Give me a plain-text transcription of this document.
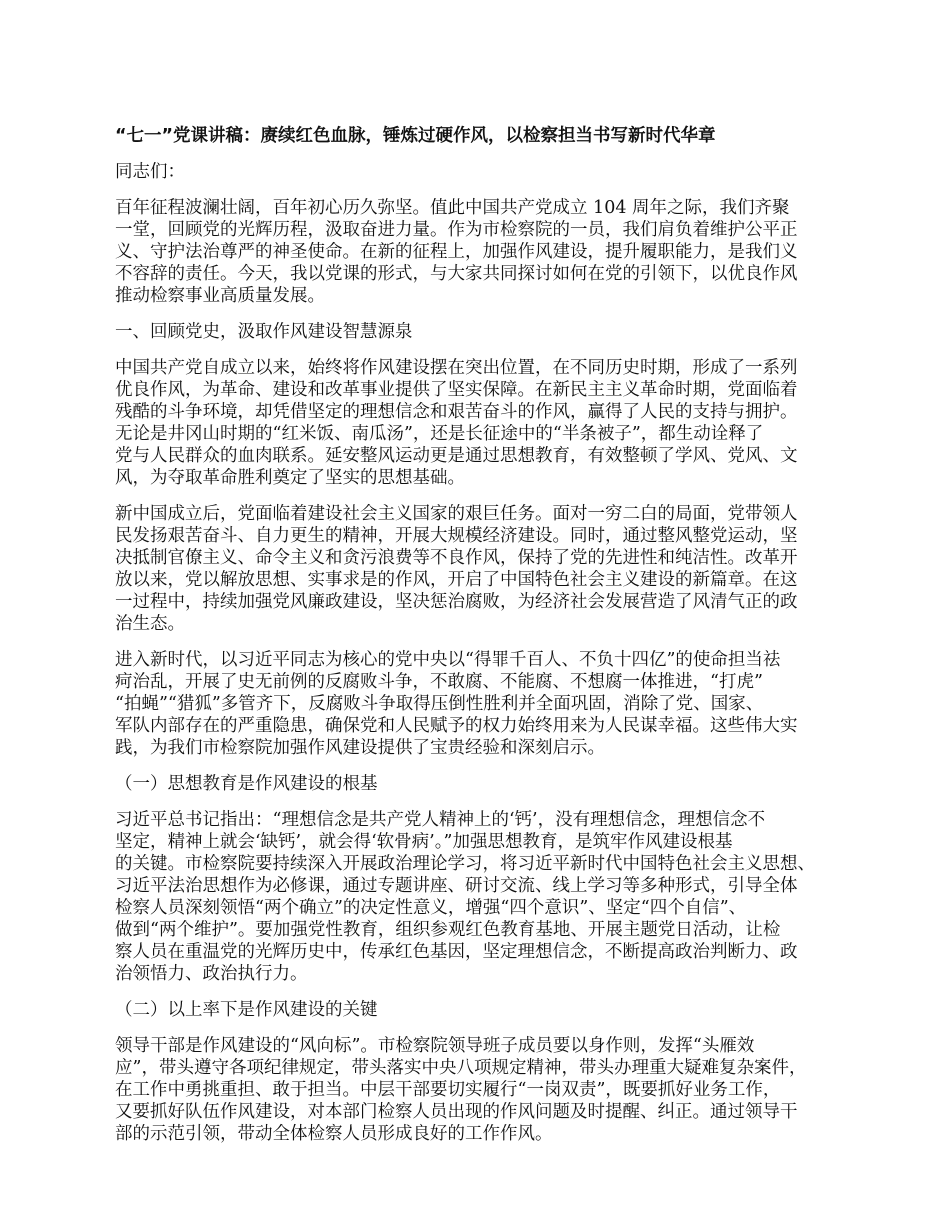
“七一”党课讲稿：赓续红色血脉，锤炼过硬作风，以检察担当书写新时代华章
同志们：
百年征程波澜壮阔，百年初心历久弥坚。值此中国共产党成立 104 周年之际，我们齐聚
一堂，回顾党的光辉历程，汲取奋进力量。作为市检察院的一员，我们肩负着维护公平正
义、守护法治尊严的神圣使命。在新的征程上，加强作风建设，提升履职能力，是我们义
不容辞的责任。今天，我以党课的形式，与大家共同探讨如何在党的引领下，以优良作风
推动检察事业高质量发展。
一、回顾党史，汲取作风建设智慧源泉
中国共产党自成立以来，始终将作风建设摆在突出位置，在不同历史时期，形成了一系列
优良作风，为革命、建设和改革事业提供了坚实保障。在新民主主义革命时期，党面临着
残酷的斗争环境，却凭借坚定的理想信念和艰苦奋斗的作风，赢得了人民的支持与拥护。
无论是井冈山时期的“红米饭、南瓜汤”，还是长征途中的“半条被子”，都生动诠释了
党与人民群众的血肉联系。延安整风运动更是通过思想教育，有效整顿了学风、党风、文
风，为夺取革命胜利奠定了坚实的思想基础。
新中国成立后，党面临着建设社会主义国家的艰巨任务。面对一穷二白的局面，党带领人
民发扬艰苦奋斗、自力更生的精神，开展大规模经济建设。同时，通过整风整党运动，坚
决抵制官僚主义、命令主义和贪污浪费等不良作风，保持了党的先进性和纯洁性。改革开
放以来，党以解放思想、实事求是的作风，开启了中国特色社会主义建设的新篇章。在这
一过程中，持续加强党风廉政建设，坚决惩治腐败，为经济社会发展营造了风清气正的政
治生态。
进入新时代，以习近平同志为核心的党中央以“得罪千百人、不负十四亿”的使命担当祛
疴治乱，开展了史无前例的反腐败斗争，不敢腐、不能腐、不想腐一体推进，“打虎”
“拍蝇”“猎狐”多管齐下，反腐败斗争取得压倒性胜利并全面巩固，消除了党、国家、
军队内部存在的严重隐患，确保党和人民赋予的权力始终用来为人民谋幸福。这些伟大实
践，为我们市检察院加强作风建设提供了宝贵经验和深刻启示。
（一）思想教育是作风建设的根基
习近平总书记指出：“理想信念是共产党人精神上的‘钙’，没有理想信念，理想信念不
坚定，精神上就会‘缺钙’，就会得‘软骨病’。”加强思想教育，是筑牢作风建设根基
的关键。市检察院要持续深入开展政治理论学习，将习近平新时代中国特色社会主义思想、
习近平法治思想作为必修课，通过专题讲座、研讨交流、线上学习等多种形式，引导全体
检察人员深刻领悟“两个确立”的决定性意义，增强“四个意识”、坚定“四个自信”、
做到“两个维护”。要加强党性教育，组织参观红色教育基地、开展主题党日活动，让检
察人员在重温党的光辉历史中，传承红色基因，坚定理想信念，不断提高政治判断力、政
治领悟力、政治执行力。
（二）以上率下是作风建设的关键
领导干部是作风建设的“风向标”。市检察院领导班子成员要以身作则，发挥“头雁效
应”，带头遵守各项纪律规定，带头落实中央八项规定精神，带头办理重大疑难复杂案件，
在工作中勇挑重担、敢于担当。中层干部要切实履行“一岗双责”，既要抓好业务工作，
又要抓好队伍作风建设，对本部门检察人员出现的作风问题及时提醒、纠正。通过领导干
部的示范引领，带动全体检察人员形成良好的工作作风。
